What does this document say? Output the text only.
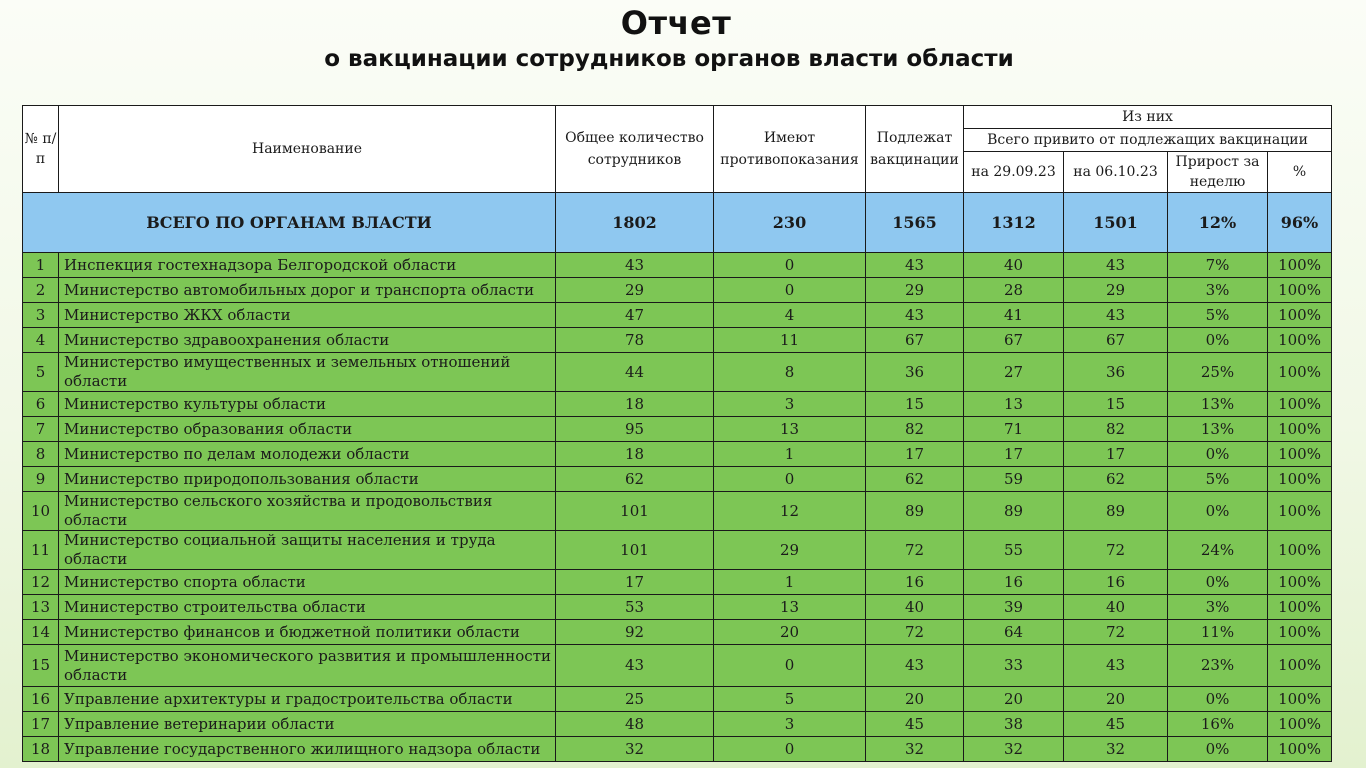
Отчет
о вакцинации сотрудников органов власти области
№ п/п	Наименование	Общее количество сотрудников	Имеют противопоказания	Подлежат вакцинации	Из них			
					Всего привито от подлежащих вакцинации			
					на 29.09.23	на 06.10.23	Прирост за неделю	%
ВСЕГО ПО ОРГАНАМ ВЛАСТИ		1802	230	1565	1312	1501	12%	96%
1	Инспекция гостехнадзора Белгородской области	43	0	43	40	43	7%	100%
2	Министерство автомобильных дорог и транспорта области	29	0	29	28	29	3%	100%
3	Министерство ЖКХ области	47	4	43	41	43	5%	100%
4	Министерство здравоохранения области	78	11	67	67	67	0%	100%
5	Министерство имущественных и земельных отношений области	44	8	36	27	36	25%	100%
6	Министерство культуры области	18	3	15	13	15	13%	100%
7	Министерство образования области	95	13	82	71	82	13%	100%
8	Министерство по делам молодежи области	18	1	17	17	17	0%	100%
9	Министерство природопользования области	62	0	62	59	62	5%	100%
10	Министерство сельского хозяйства и продовольствия области	101	12	89	89	89	0%	100%
11	Министерство социальной защиты населения и труда области	101	29	72	55	72	24%	100%
12	Министерство спорта области	17	1	16	16	16	0%	100%
13	Министерство строительства области	53	13	40	39	40	3%	100%
14	Министерство финансов и бюджетной политики области	92	20	72	64	72	11%	100%
15	Министерство экономического развития и промышленности области	43	0	43	33	43	23%	100%
16	Управление архитектуры и градостроительства области	25	5	20	20	20	0%	100%
17	Управление ветеринарии области	48	3	45	38	45	16%	100%
18	Управление государственного жилищного надзора области	32	0	32	32	32	0%	100%
